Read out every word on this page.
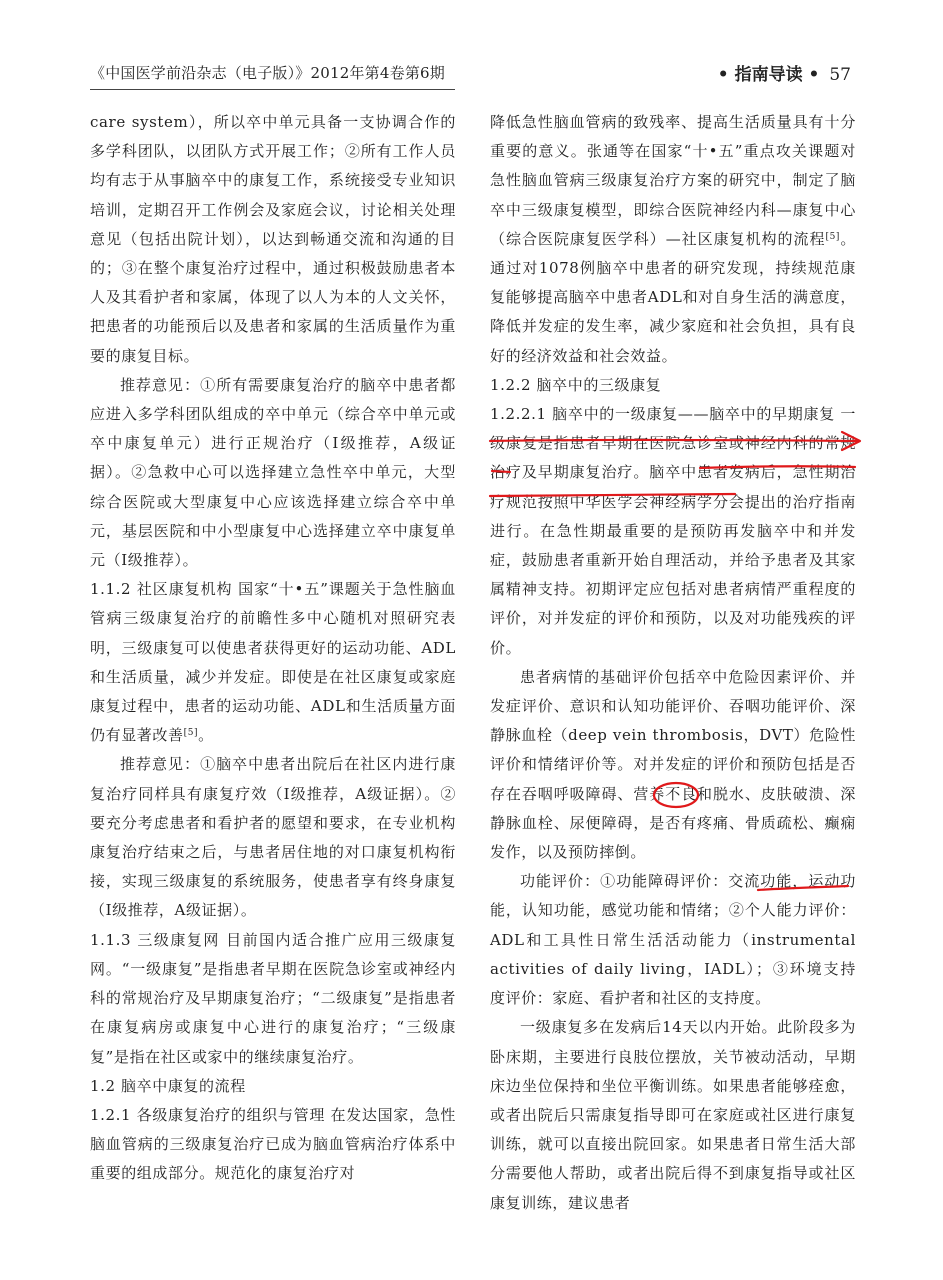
《中国医学前沿杂志（电子版）》2012年第4卷第6期	• 指南导读 • 57

care system），所以卒中单元具备一支协调合作的多学科团队，以团队方式开展工作；②所有工作人员均有志于从事脑卒中的康复工作，系统接受专业知识培训，定期召开工作例会及家庭会议，讨论相关处理意见（包括出院计划），以达到畅通交流和沟通的目的；③在整个康复治疗过程中，通过积极鼓励患者本人及其看护者和家属，体现了以人为本的人文关怀，把患者的功能预后以及患者和家属的生活质量作为重要的康复目标。

推荐意见：①所有需要康复治疗的脑卒中患者都应进入多学科团队组成的卒中单元（综合卒中单元或卒中康复单元）进行正规治疗（Ⅰ级推荐，A级证据）。②急救中心可以选择建立急性卒中单元，大型综合医院或大型康复中心应该选择建立综合卒中单元，基层医院和中小型康复中心选择建立卒中康复单元（Ⅰ级推荐）。

1.1.2 社区康复机构 国家“十•五”课题关于急性脑血管病三级康复治疗的前瞻性多中心随机对照研究表明，三级康复可以使患者获得更好的运动功能、ADL和生活质量，减少并发症。即使是在社区康复或家庭康复过程中，患者的运动功能、ADL和生活质量方面仍有显著改善[5]。

推荐意见：①脑卒中患者出院后在社区内进行康复治疗同样具有康复疗效（Ⅰ级推荐，A级证据）。②要充分考虑患者和看护者的愿望和要求，在专业机构康复治疗结束之后，与患者居住地的对口康复机构衔接，实现三级康复的系统服务，使患者享有终身康复（Ⅰ级推荐，A级证据）。

1.1.3 三级康复网 目前国内适合推广应用三级康复网。“一级康复”是指患者早期在医院急诊室或神经内科的常规治疗及早期康复治疗；“二级康复”是指患者在康复病房或康复中心进行的康复治疗；“三级康复”是指在社区或家中的继续康复治疗。

1.2 脑卒中康复的流程

1.2.1 各级康复治疗的组织与管理 在发达国家，急性脑血管病的三级康复治疗已成为脑血管病治疗体系中重要的组成部分。规范化的康复治疗对

降低急性脑血管病的致残率、提高生活质量具有十分重要的意义。张通等在国家“十•五”重点攻关课题对急性脑血管病三级康复治疗方案的研究中，制定了脑卒中三级康复模型，即综合医院神经内科—康复中心（综合医院康复医学科）—社区康复机构的流程[5]。通过对1078例脑卒中患者的研究发现，持续规范康复能够提高脑卒中患者ADL和对自身生活的满意度，降低并发症的发生率，减少家庭和社会负担，具有良好的经济效益和社会效益。

1.2.2 脑卒中的三级康复

1.2.2.1 脑卒中的一级康复——脑卒中的早期康复 一级康复是指患者早期在医院急诊室或神经内科的常规治疗及早期康复治疗。脑卒中患者发病后，急性期治疗规范按照中华医学会神经病学分会提出的治疗指南进行。在急性期最重要的是预防再发脑卒中和并发症，鼓励患者重新开始自理活动，并给予患者及其家属精神支持。初期评定应包括对患者病情严重程度的评价，对并发症的评价和预防，以及对功能残疾的评价。

患者病情的基础评价包括卒中危险因素评价、并发症评价、意识和认知功能评价、吞咽功能评价、深静脉血栓（deep vein thrombosis，DVT）危险性评价和情绪评价等。对并发症的评价和预防包括是否存在吞咽呼吸障碍、营养不良和脱水、皮肤破溃、深静脉血栓、尿便障碍，是否有疼痛、骨质疏松、癫痫发作，以及预防摔倒。

功能评价：①功能障碍评价：交流功能，运动功能，认知功能，感觉功能和情绪；②个人能力评价：ADL和工具性日常生活活动能力（instrumental activities of daily living，IADL）；③环境支持度评价：家庭、看护者和社区的支持度。

一级康复多在发病后14天以内开始。此阶段多为卧床期，主要进行良肢位摆放，关节被动活动，早期床边坐位保持和坐位平衡训练。如果患者能够痊愈，或者出院后只需康复指导即可在家庭或社区进行康复训练，就可以直接出院回家。如果患者日常生活大部分需要他人帮助，或者出院后得不到康复指导或社区康复训练，建议患者
